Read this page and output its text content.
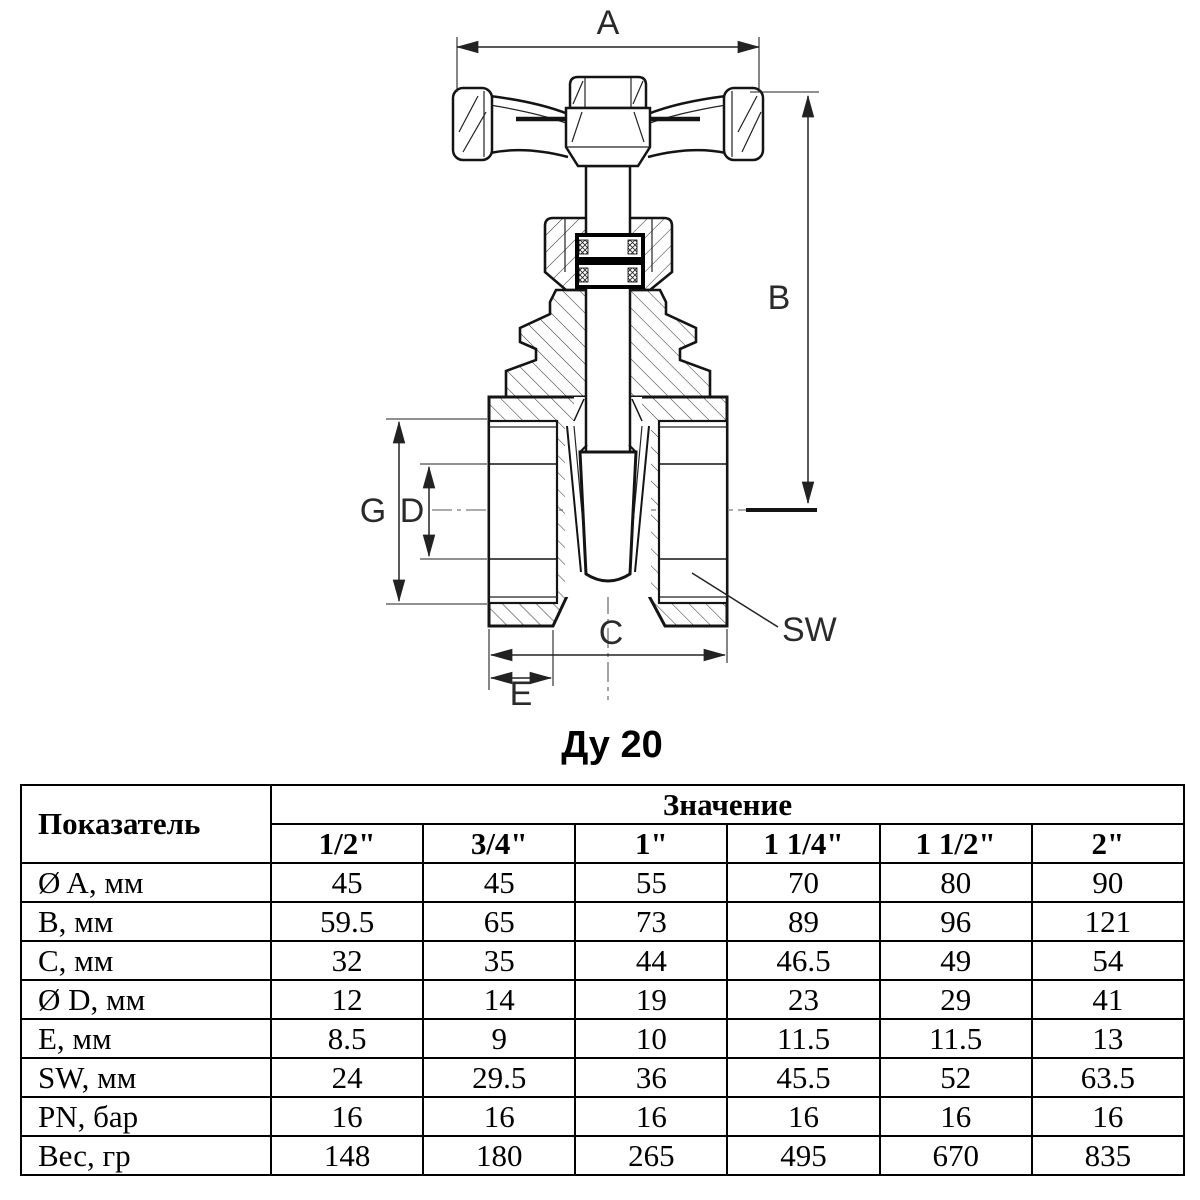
A
B
G D
C
E
SW
Ду 20
Показатель	Значение					
	1/2"	3/4"	1"	1 1/4"	1 1/2"	2"
Ø A, мм	45	45	55	70	80	90
B, мм	59.5	65	73	89	96	121
C, мм	32	35	44	46.5	49	54
Ø D, мм	12	14	19	23	29	41
E, мм	8.5	9	10	11.5	11.5	13
SW, мм	24	29.5	36	45.5	52	63.5
PN, бар	16	16	16	16	16	16
Вес, гр	148	180	265	495	670	835
